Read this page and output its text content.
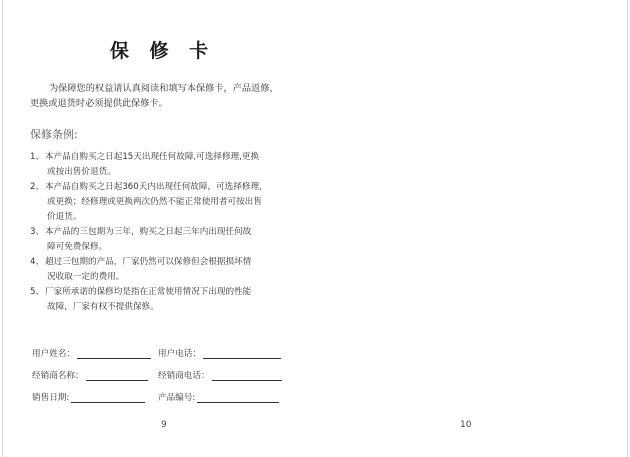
保 修 卡
为保障您的权益请认真阅读和填写本保修卡，产品返修，
更换或退货时必须提供此保修卡。
保修条例:
1、 本产品自购买之日起15天出现任何故障,可选择修理,更换
或按出售价退货。
2、 本产品自购买之日起360天内出现任何故障，可选择修理，
或更换；经修理或更换两次仍然不能正常使用者可按出售
价退货。
3、 本产品的三包期为三年，购买之日起三年内出现任何故
障可免费保修。
4、 超过三包期的产品，厂家仍然可以保修但会根据损坏情
况收取一定的费用。
5、 厂家所承诺的保修均是指在正常使用情况下出现的性能
故障，厂家有权不提供保修。
用户姓名：	用户电话：
经销商名称：	经销商电话：
销售日期:	产品编号:
9	10
